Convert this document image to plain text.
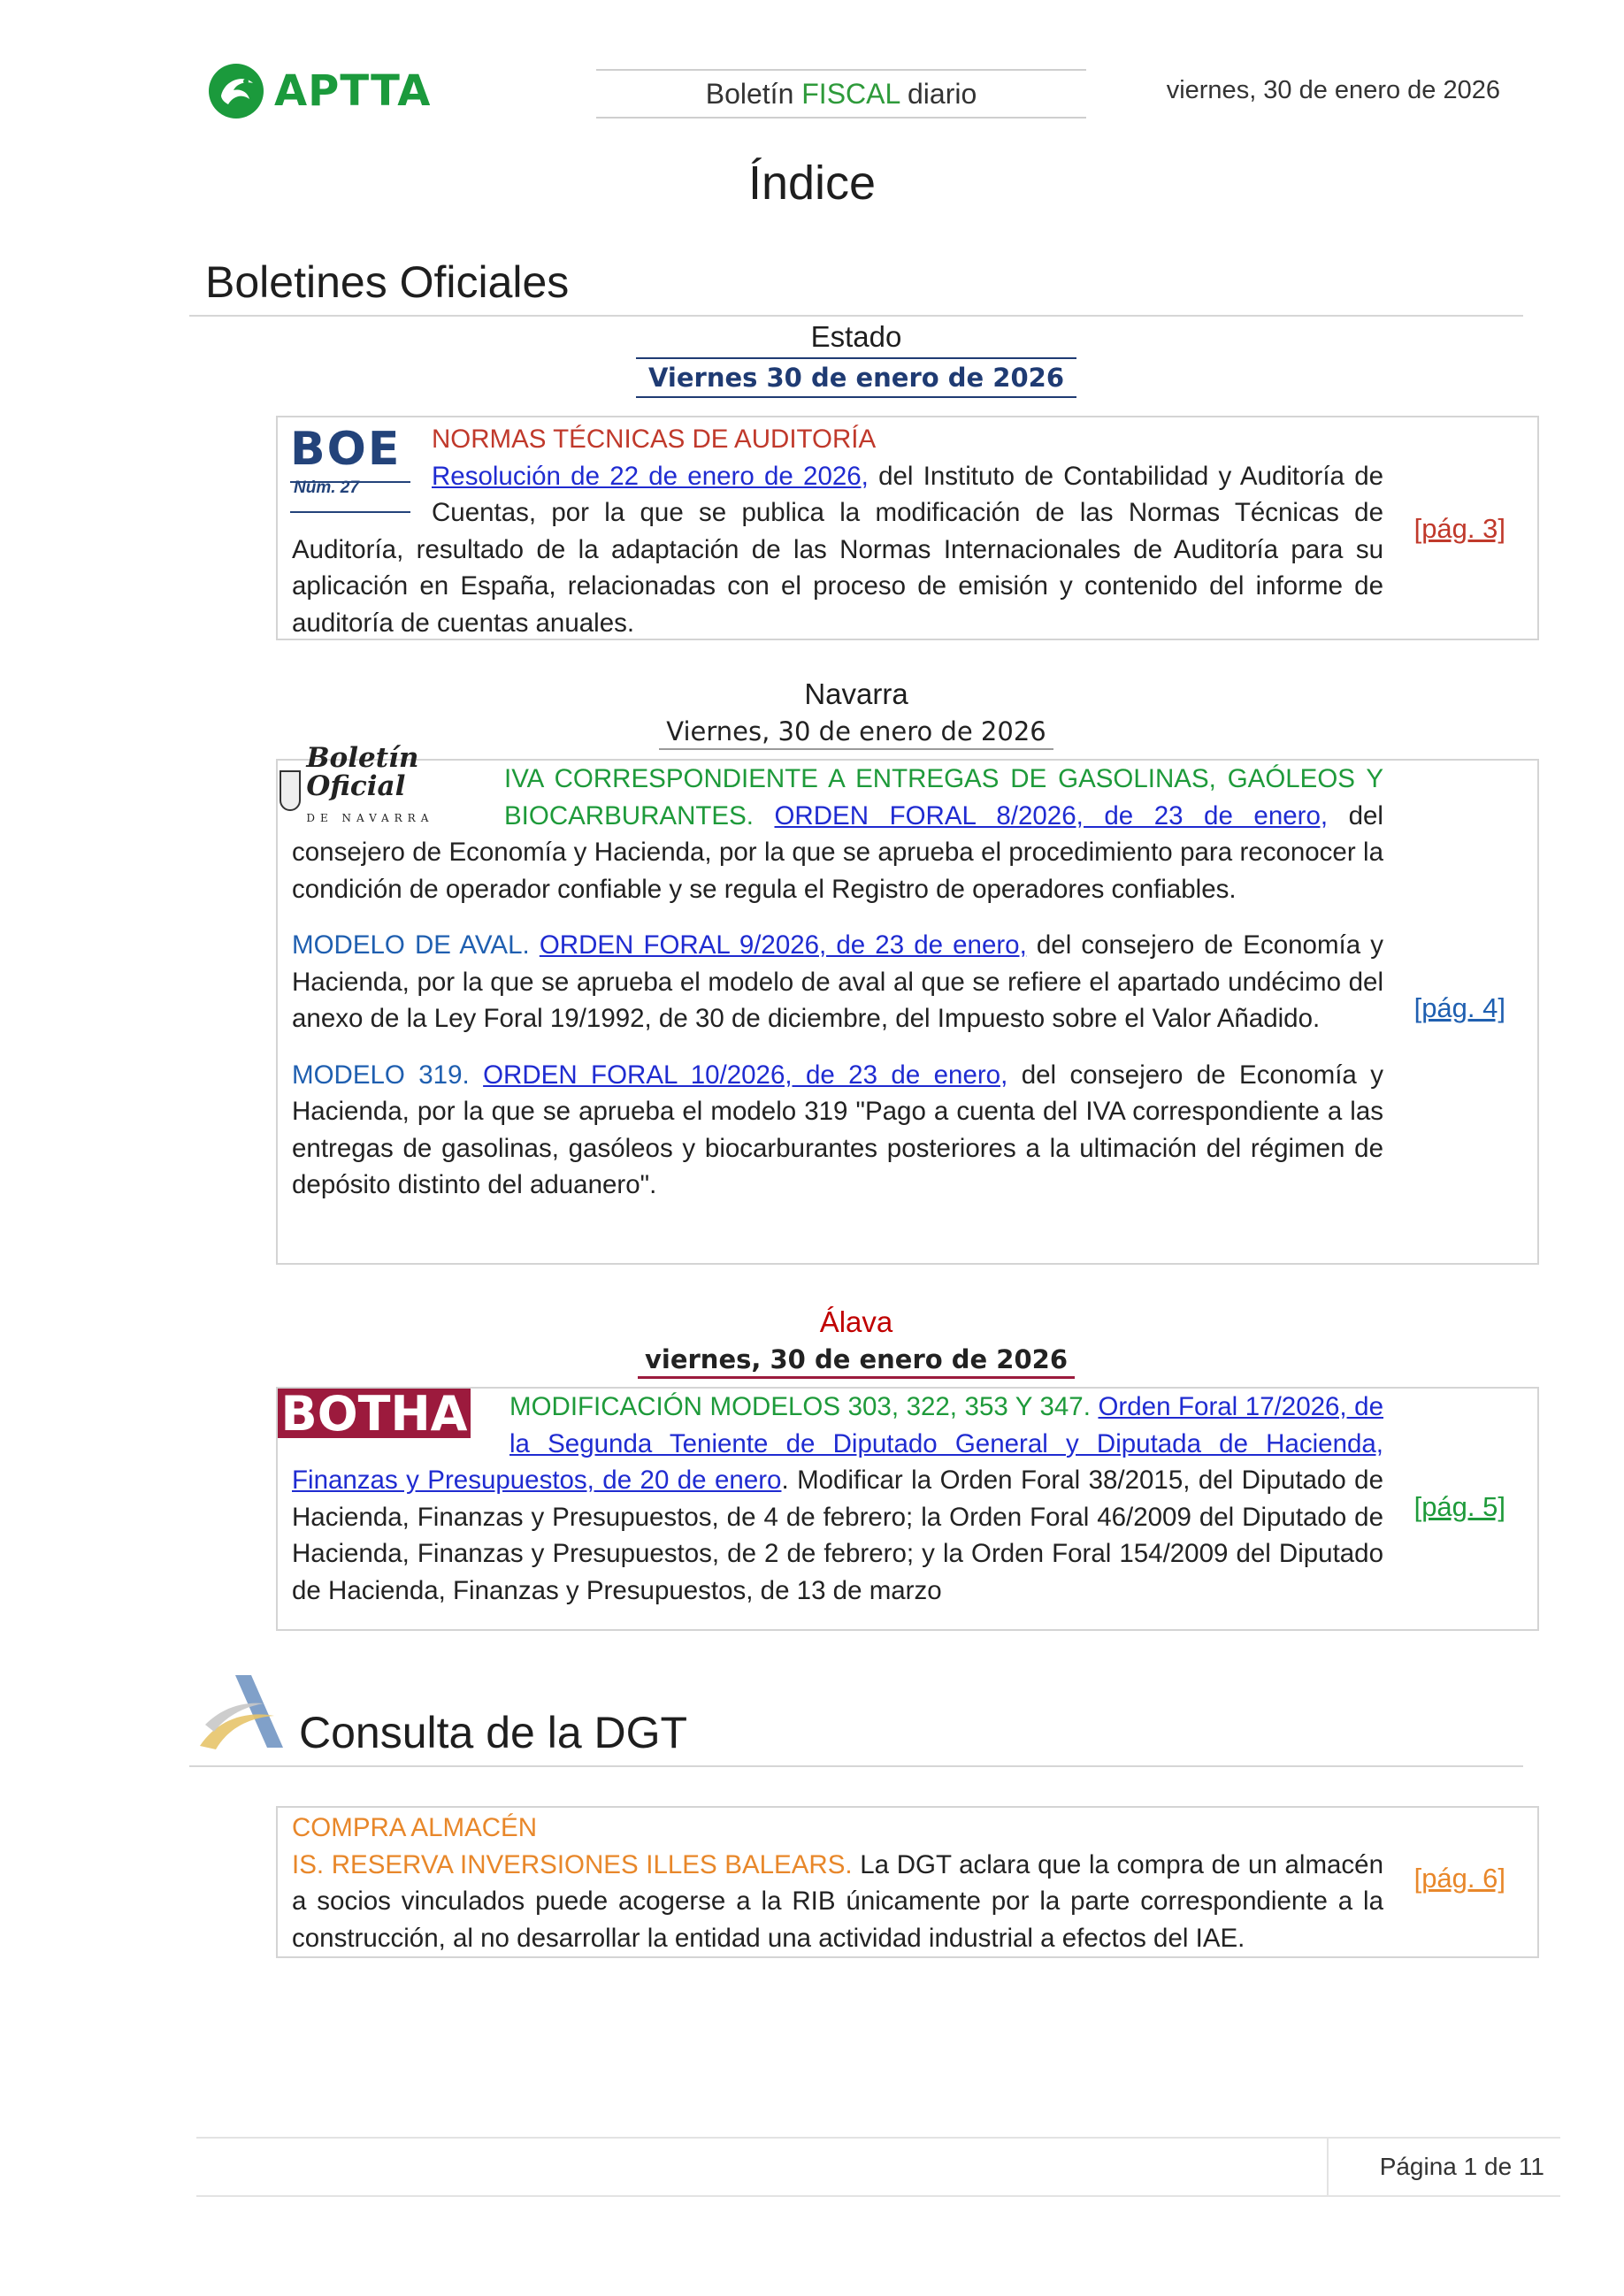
APTTA	Boletín FISCAL diario	viernes, 30 de enero de 2026
Índice
Boletines Oficiales
Estado
Viernes 30 de enero de 2026
B O E
Núm. 27
NORMAS TÉCNICAS DE AUDITORÍA
Resolución de 22 de enero de 2026, del Instituto de Contabilidad y Auditoría de Cuentas, por la que se publica la modificación de las Normas Técnicas de Auditoría, resultado de la adaptación de las Normas Internacionales de Auditoría para su aplicación en España, relacionadas con el proceso de emisión y contenido del informe de auditoría de cuentas anuales.
[pág. 3]
Navarra
Viernes, 30 de enero de 2026
Boletín Oficial
DE NAVARRA
IVA CORRESPONDIENTE A ENTREGAS DE GASOLINAS, GAÓLEOS Y BIOCARBURANTES. ORDEN FORAL 8/2026, de 23 de enero, del consejero de Economía y Hacienda, por la que se aprueba el procedimiento para reconocer la condición de operador confiable y se regula el Registro de operadores confiables.
MODELO DE AVAL. ORDEN FORAL 9/2026, de 23 de enero, del consejero de Economía y Hacienda, por la que se aprueba el modelo de aval al que se refiere el apartado undécimo del anexo de la Ley Foral 19/1992, de 30 de diciembre, del Impuesto sobre el Valor Añadido.
MODELO 319. ORDEN FORAL 10/2026, de 23 de enero, del consejero de Economía y Hacienda, por la que se aprueba el modelo 319 "Pago a cuenta del IVA correspondiente a las entregas de gasolinas, gasóleos y biocarburantes posteriores a la ultimación del régimen de depósito distinto del aduanero".
[pág. 4]
Álava
viernes, 30 de enero de 2026
BOTHA MODIFICACIÓN MODELOS 303, 322, 353 Y 347. Orden Foral 17/2026, de la Segunda Teniente de Diputado General y Diputada de Hacienda, Finanzas y Presupuestos, de 20 de enero. Modificar la Orden Foral 38/2015, del Diputado de Hacienda, Finanzas y Presupuestos, de 4 de febrero; la Orden Foral 46/2009 del Diputado de Hacienda, Finanzas y Presupuestos, de 2 de febrero; y la Orden Foral 154/2009 del Diputado de Hacienda, Finanzas y Presupuestos, de 13 de marzo
[pág. 5]
Consulta de la DGT
COMPRA ALMACÉN
IS. RESERVA INVERSIONES ILLES BALEARS. La DGT aclara que la compra de un almacén a socios vinculados puede acogerse a la RIB únicamente por la parte correspondiente a la construcción, al no desarrollar la entidad una actividad industrial a efectos del IAE.
[pág. 6]
Página 1 de 11
